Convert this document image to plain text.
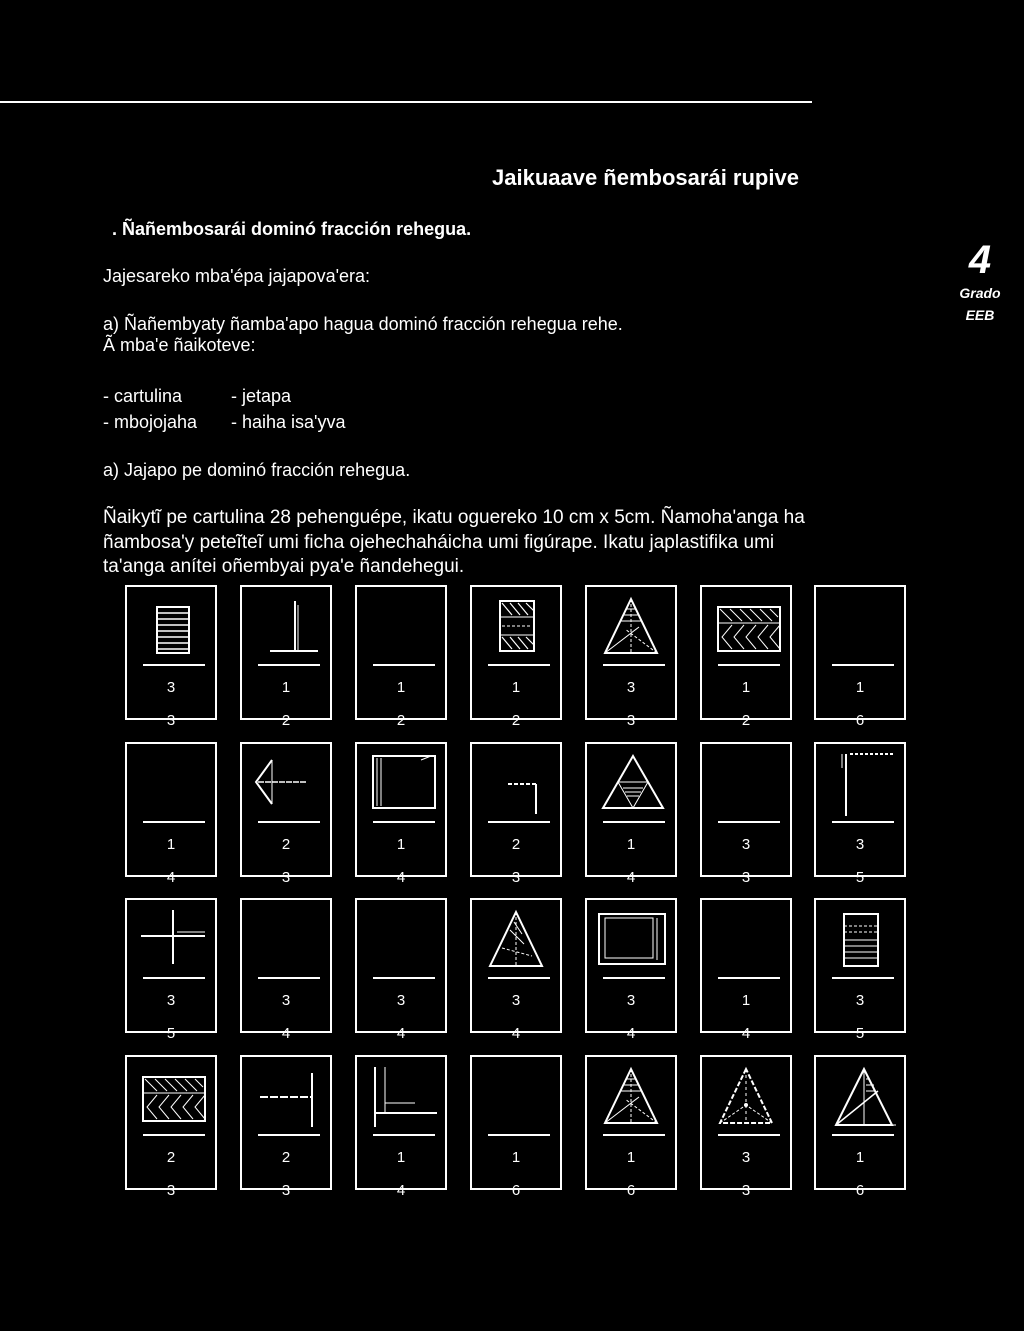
Jaikuaave ñembosarái rupive
. Ñañembosarái dominó fracción rehegua.
4
Grado
EEB
Jajesareko mba'épa jajapova'era:
a) Ñañembyaty ñamba'apo hagua dominó fracción rehegua rehe.
Ã mba'e ñaikoteve:
- cartulina	- jetapa
- mbojojaha - haiha isa'yva
a) Jajapo pe dominó fracción rehegua.
Ñaikytĩ pe cartulina 28 pehenguépe, ikatu oguereko 10 cm x 5cm. Ñamoha'anga ha
ñambosa'y peteĩteĩ umi ficha ojehechaháicha umi figúrape. Ikatu japlastifika umi
ta'anga anítei oñembyai pya'e ñandehegui.
3
3
1
2
1
2
1
2
3
3
1
2
1
6
1
4
2
3
1
4
2
3
1
4
3
3
3
5
3
5
3
4
3
4
3
4
3
4
1
4
3
5
2
3
2
3
1
4
1
6
1
6
3
3
1
6
